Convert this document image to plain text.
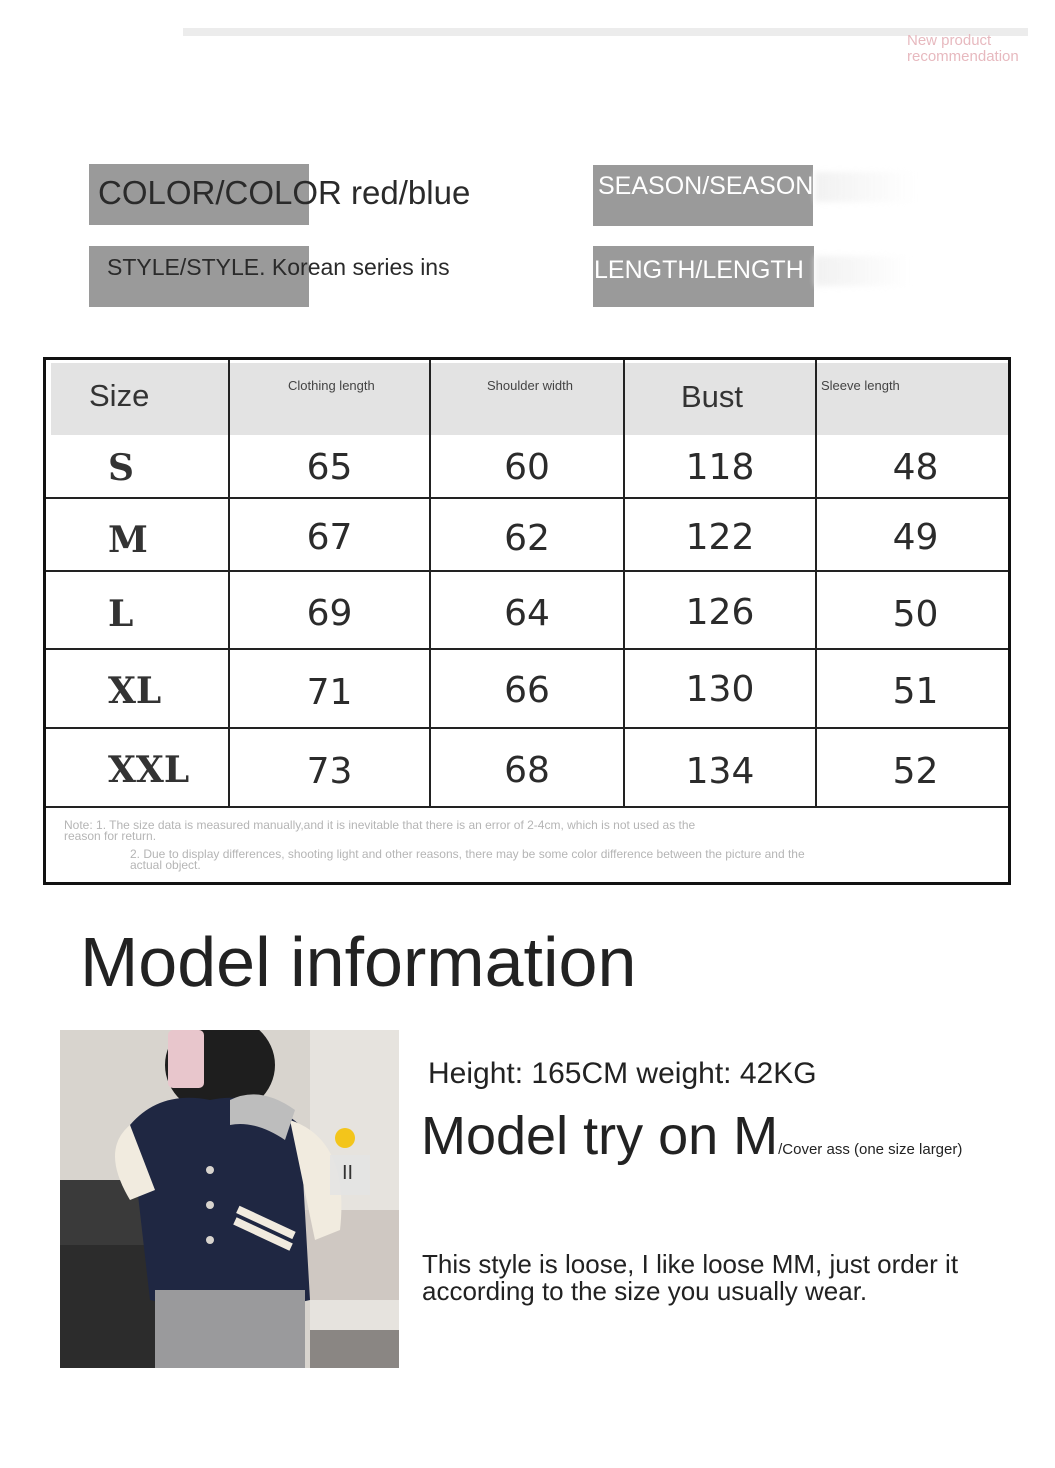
New product recommendation
COLOR/COLOR red/blue	SEASON/SEASON
STYLE/STYLE. Korean series ins	LENGTH/LENGTH
Size	Clothing length	Shoulder width	Bust	Sleeve length
S	65	60	118	48
M	67	62	122	49
L	69	64	126	50
XL	71	66	130	51
XXL	73	68	134	52
Note: 1. The size data is measured manually,and it is inevitable that there is an error of 2-4cm, which is not used as the reason for return.
2. Due to display differences, shooting light and other reasons, there may be some color difference between the picture and the actual object.
Model information
II
Height: 165CM weight: 42KG
Model try on M/Cover ass (one size larger)
This style is loose, I like loose MM, just order it according to the size you usually wear.
